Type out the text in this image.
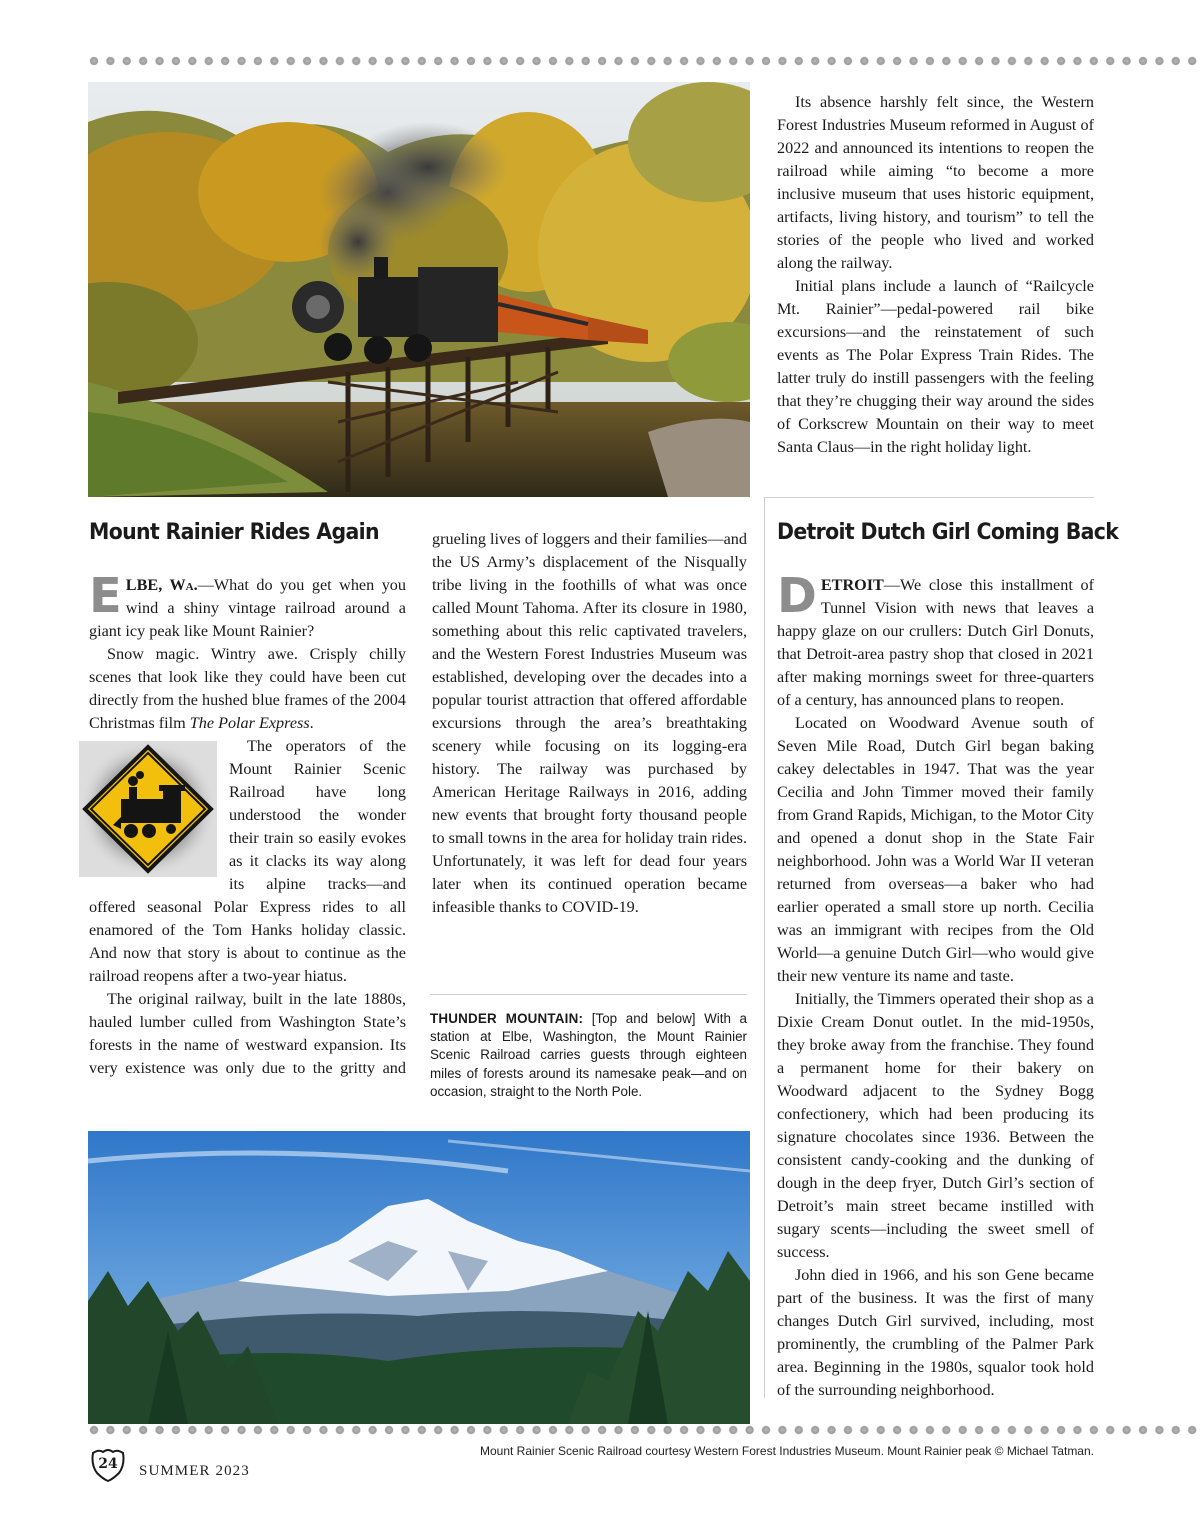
Its absence harshly felt since, the Western Forest Industries Museum reformed in August of 2022 and announced its intentions to reopen the railroad while aiming “to become a more inclusive museum that uses historic equipment, artifacts, living history, and tourism” to tell the stories of the people who lived and worked along the railway.

Initial plans include a launch of “Railcycle Mt. Rainier”—pedal-powered rail bike excursions—and the reinstatement of such events as The Polar Express Train Rides. The latter truly do instill passengers with the feeling that they’re chugging their way around the sides of Corkscrew Mountain on their way to meet Santa Claus—in the right holiday light.

Mount Rainier Rides Again

ELBE, Wa.—What do you get when you wind a shiny vintage railroad around a giant icy peak like Mount Rainier?

Snow magic. Wintry awe. Crisply chilly scenes that look like they could have been cut directly from the hushed blue frames of the 2004 Christmas film The Polar Express.

The operators of the Mount Rainier Scenic Railroad have long understood the wonder their train so easily evokes as it clacks its way along its alpine tracks—and offered seasonal Polar Express rides to all enamored of the Tom Hanks holiday classic. And now that story is about to continue as the railroad reopens after a two-year hiatus.

The original railway, built in the late 1880s, hauled lumber culled from Washington State’s forests in the name of westward expansion. Its very existence was only due to the gritty and

grueling lives of loggers and their families—and the US Army’s displacement of the Nisqually tribe living in the foothills of what was once called Mount Tahoma. After its closure in 1980, something about this relic captivated travelers, and the Western Forest Industries Museum was established, developing over the decades into a popular tourist attraction that offered affordable excursions through the area’s breathtaking scenery while focusing on its logging-era history. The railway was purchased by American Heritage Railways in 2016, adding new events that brought forty thousand people to small towns in the area for holiday train rides. Unfortunately, it was left for dead four years later when its continued operation became infeasible thanks to COVID-19.

THUNDER MOUNTAIN: [Top and below] With a station at Elbe, Washington, the Mount Rainier Scenic Railroad carries guests through eighteen miles of forests around its namesake peak—and on occasion, straight to the North Pole.
Detroit Dutch Girl Coming Back

DETROIT—We close this installment of Tunnel Vision with news that leaves a happy glaze on our crullers: Dutch Girl Donuts, that Detroit-area pastry shop that closed in 2021 after making mornings sweet for three-quarters of a century, has announced plans to reopen.

Located on Woodward Avenue south of Seven Mile Road, Dutch Girl began baking cakey delectables in 1947. That was the year Cecilia and John Timmer moved their family from Grand Rapids, Michigan, to the Motor City and opened a donut shop in the State Fair neighborhood. John was a World War II veteran returned from overseas—a baker who had earlier operated a small store up north. Cecilia was an immigrant with recipes from the Old World—a genuine Dutch Girl—who would give their new venture its name and taste.

Initially, the Timmers operated their shop as a Dixie Cream Donut outlet. In the mid-1950s, they broke away from the franchise. They found a permanent home for their bakery on Woodward adjacent to the Sydney Bogg confectionery, which had been producing its signature chocolates since 1936. Between the consistent candy-cooking and the dunking of dough in the deep fryer, Dutch Girl’s section of Detroit’s main street became instilled with sugary scents—including the sweet smell of success.

John died in 1966, and his son Gene became part of the business. It was the first of many changes Dutch Girl survived, including, most prominently, the crumbling of the Palmer Park area. Beginning in the 1980s, squalor took hold of the surrounding neighborhood.

Mount Rainier Scenic Railroad courtesy Western Forest Industries Museum. Mount Rainier peak © Michael Tatman.
24	SUMMER 2023
